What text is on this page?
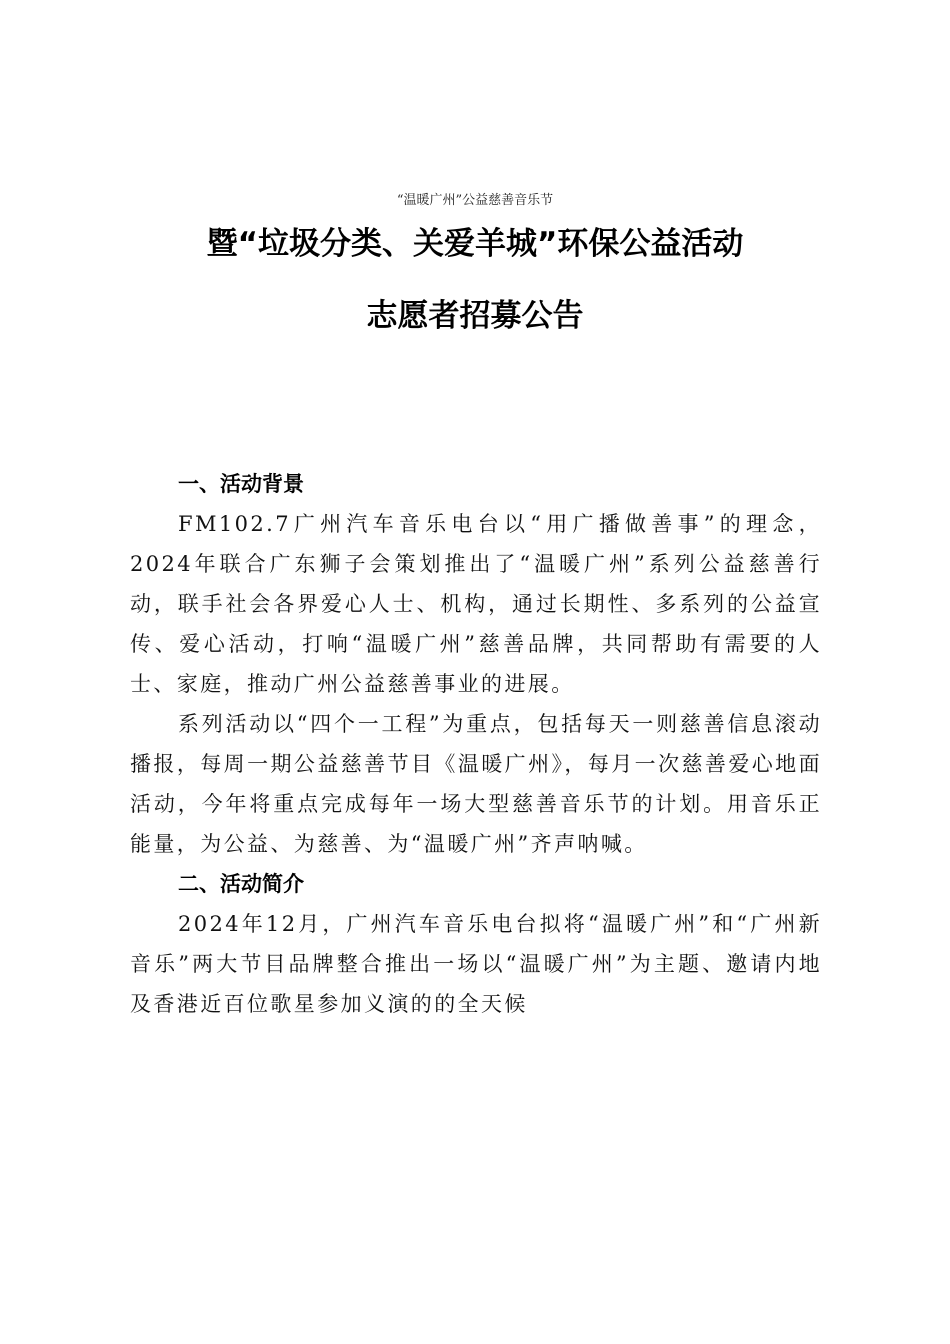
“温暖广州”公益慈善音乐节
暨“垃圾分类、关爱羊城”环保公益活动
志愿者招募公告
一、活动背景

FM102.7广州汽车音乐电台以“用广播做善事”的理念，2024年联合广东狮子会策划推出了“温暖广州”系列公益慈善行动，联手社会各界爱心人士、机构，通过长期性、多系列的公益宣传、爱心活动，打响“温暖广州”慈善品牌，共同帮助有需要的人士、家庭，推动广州公益慈善事业的进展。

系列活动以“四个一工程”为重点，包括每天一则慈善信息滚动播报，每周一期公益慈善节目《温暖广州》，每月一次慈善爱心地面活动，今年将重点完成每年一场大型慈善音乐节的计划。用音乐正能量，为公益、为慈善、为“温暖广州”齐声呐喊。

二、活动简介

2024年12月，广州汽车音乐电台拟将“温暖广州”和“广州新音乐”两大节目品牌整合推出一场以“温暖广州”为主题、邀请内地及香港近百位歌星参加义演的的全天候
